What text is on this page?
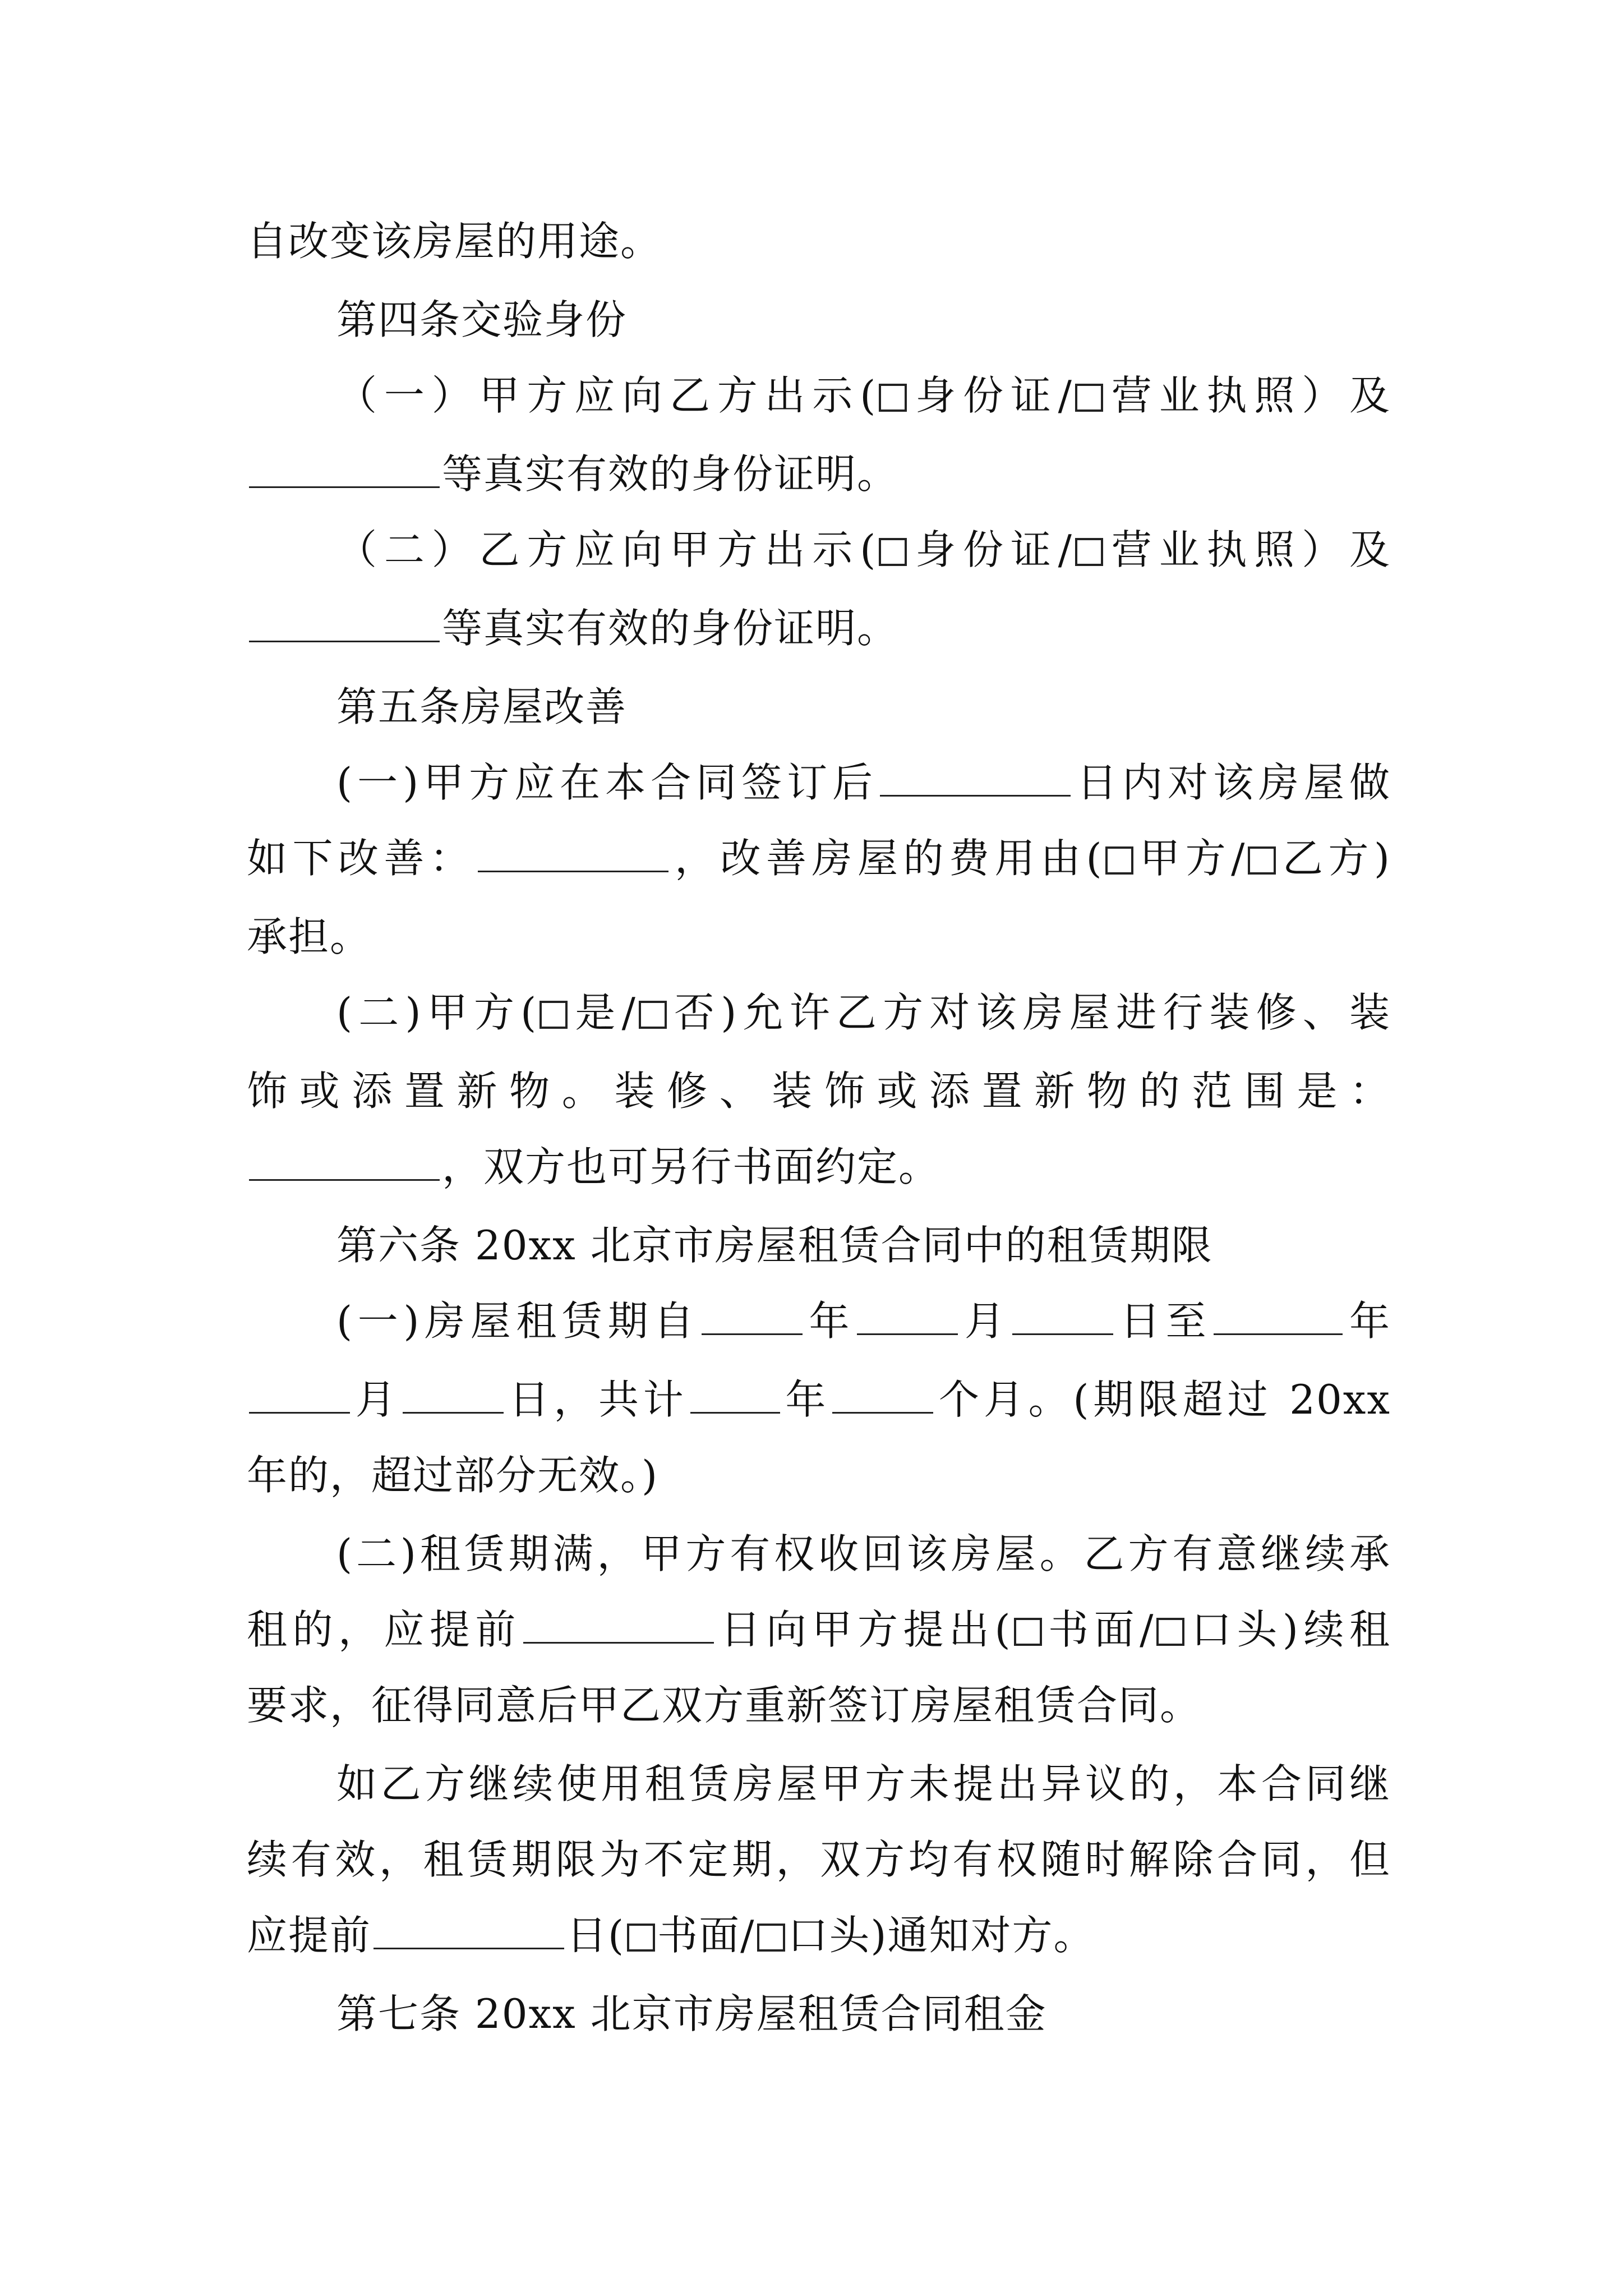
自改变该房屋的用途。
第四条交验身份
（一）甲方应向乙方出示( 身份证/ 营业执照）及
等真实有效的身份证明。
（二）乙方应向甲方出示( 身份证/ 营业执照）及
等真实有效的身份证明。
第五条房屋改善
(一)甲方应在本合同签订后	日内对该房屋做
如下改善：	，改善房屋的费用由( 甲方/ 乙方)
承担。
(二)甲方( 是/ 否)允许乙方对该房屋进行装修、装
饰或添置新物。装修、装饰或添置新物的范围是：
，双方也可另行书面约定。
第六条 20xx 北京市房屋租赁合同中的租赁期限
(一)房屋租赁期自	年	月	日至	年
月	日，共计 年	个月。(期限超过 20xx
年的，超过部分无效。)
(二)租赁期满，甲方有权收回该房屋。乙方有意继续承
租的，应提前	日向甲方提出( 书面/ 口头)续租
要求，征得同意后甲乙双方重新签订房屋租赁合同。
如乙方继续使用租赁房屋甲方未提出异议的，本合同继
续有效，租赁期限为不定期，双方均有权随时解除合同，但
应提前	日( 书面/ 口头)通知对方。
第七条 20xx 北京市房屋租赁合同租金
